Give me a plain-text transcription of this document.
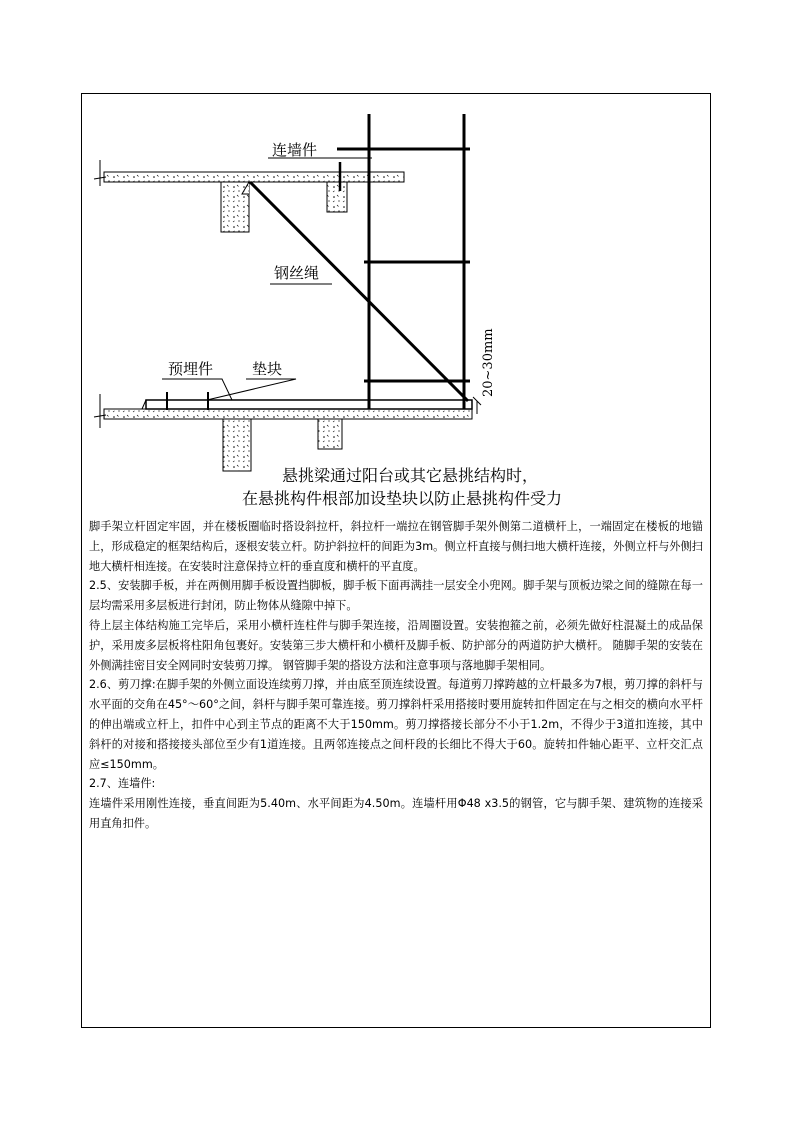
连墙件
钢丝绳
预埋件	垫块	20~30mm
悬挑梁通过阳台或其它悬挑结构时，
在悬挑构件根部加设垫块以防止悬挑构件受力

脚手架立杆固定牢固，并在楼板圈临时搭设斜拉杆，斜拉杆一端拉在钢管脚手架外侧第二道横杆上，一端固定在楼板的地锚上，形成稳定的框架结构后，逐根安装立杆。防护斜拉杆的间距为3m。侧立杆直接与侧扫地大横杆连接，外侧立杆与外侧扫地大横杆相连接。在安装时注意保持立杆的垂直度和横杆的平直度。

2.5、安装脚手板，并在两侧用脚手板设置挡脚板，脚手板下面再满挂一层安全小兜网。脚手架与顶板边梁之间的缝隙在每一层均需采用多层板进行封闭，防止物体从缝隙中掉下。

待上层主体结构施工完毕后，采用小横杆连柱件与脚手架连接，沿周圈设置。安装抱箍之前，必须先做好柱混凝土的成品保护，采用废多层板将柱阳角包裹好。安装第三步大横杆和小横杆及脚手板、防护部分的两道防护大横杆。 随脚手架的安装在外侧满挂密目安全网同时安装剪刀撑。 钢管脚手架的搭设方法和注意事项与落地脚手架相同。

2.6、剪刀撑:在脚手架的外侧立面设连续剪刀撑，并由底至顶连续设置。每道剪刀撑跨越的立杆最多为7根，剪刀撑的斜杆与水平面的交角在45°～60°之间，斜杆与脚手架可靠连接。剪刀撑斜杆采用搭接时要用旋转扣件固定在与之相交的横向水平杆的伸出端或立杆上，扣件中心到主节点的距离不大于150mm。剪刀撑搭接长部分不小于1.2m，不得少于3道扣连接，其中斜杆的对接和搭接接头部位至少有1道连接。且两邻连接点之间杆段的长细比不得大于60。旋转扣件轴心距平、立杆交汇点应≤150mm。

2.7、连墙件:

连墙件采用刚性连接，垂直间距为5.40m、水平间距为4.50m。连墙杆用Φ48 x3.5的钢管，它与脚手架、建筑物的连接采用直角扣件。
